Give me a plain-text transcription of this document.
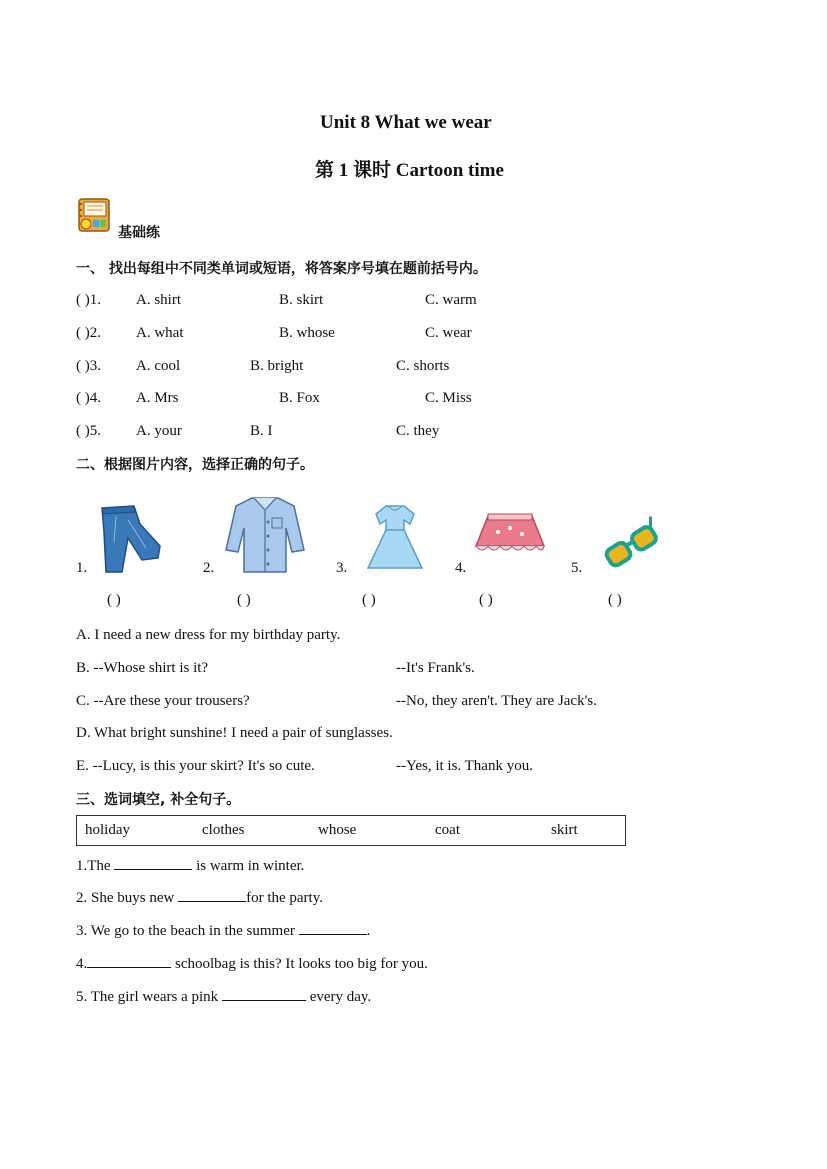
Unit 8 What we wear
第 1 课时 Cartoon time
基础练
一、 找出每组中不同类单词或短语，将答案序号填在题前括号内。
( )1. A. shirt	B. skirt	C. warm
( )2. A. what	B. whose	C. wear
( )3. A. cool	B. bright	C. shorts
( )4. A. Mrs	B. Fox	C. Miss
( )5. A. your	B. I	C. they
二、根据图片内容，选择正确的句子。
1.	2.	3.	4.	5.
( )	( )	( )	( )	( )
A. I need a new dress for my birthday party.
B. --Whose shirt is it?	--It's Frank's.
C. --Are these your trousers?	--No, they aren't. They are Jack's.
D. What bright sunshine! I need a pair of sunglasses.
E. --Lucy, is this your skirt? It's so cute.	--Yes, it is. Thank you.
三、选词填空, 补全句子。
holiday	clothes	whose	coat	skirt
1.The	is warm in winter.
2. She buys new	for the party.
3. We go to the beach in the summer	.
4.	schoolbag is this? It looks too big for you.
5. The girl wears a pink	every day.
